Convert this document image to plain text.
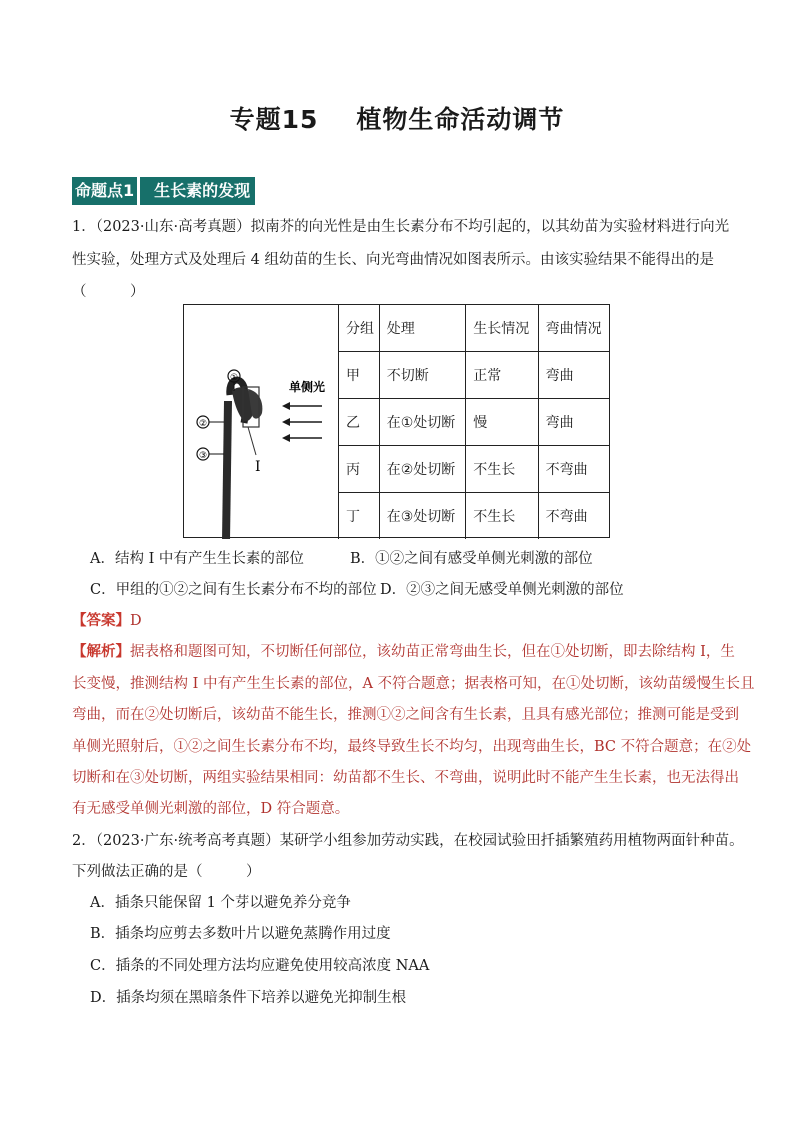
专题15 植物生命活动调节
命题点1	生长素的发现
1．（2023·山东·高考真题）拟南芥的向光性是由生长素分布不均引起的，以其幼苗为实验材料进行向光
性实验，处理方式及处理后 4 组幼苗的生长、向光弯曲情况如图表所示。由该实验结果不能得出的是
（　　　）
单侧光
①
②
③
I
分组	处理	生长情况	弯曲情况
甲	不切断	正常	弯曲
乙	在①处切断	慢	弯曲
丙	在②处切断	不生长	不弯曲
丁	在③处切断	不生长	不弯曲
A．结构 I 中有产生生长素的部位	B．①②之间有感受单侧光刺激的部位
C．甲组的①②之间有生长素分布不均的部位 D．②③之间无感受单侧光刺激的部位
【答案】D
【解析】据表格和题图可知，不切断任何部位，该幼苗正常弯曲生长，但在①处切断，即去除结构 I，生
长变慢，推测结构 I 中有产生生长素的部位，A 不符合题意；据表格可知，在①处切断，该幼苗缓慢生长且
弯曲，而在②处切断后，该幼苗不能生长，推测①②之间含有生长素，且具有感光部位；推测可能是受到
单侧光照射后，①②之间生长素分布不均，最终导致生长不均匀，出现弯曲生长，BC 不符合题意；在②处
切断和在③处切断，两组实验结果相同：幼苗都不生长、不弯曲，说明此时不能产生生长素，也无法得出
有无感受单侧光刺激的部位，D 符合题意。
2．（2023·广东·统考高考真题）某研学小组参加劳动实践，在校园试验田扦插繁殖药用植物两面针种苗。
下列做法正确的是（　　　）
A．插条只能保留 1 个芽以避免养分竞争
B．插条均应剪去多数叶片以避免蒸腾作用过度
C．插条的不同处理方法均应避免使用较高浓度 NAA
D．插条均须在黑暗条件下培养以避免光抑制生根
